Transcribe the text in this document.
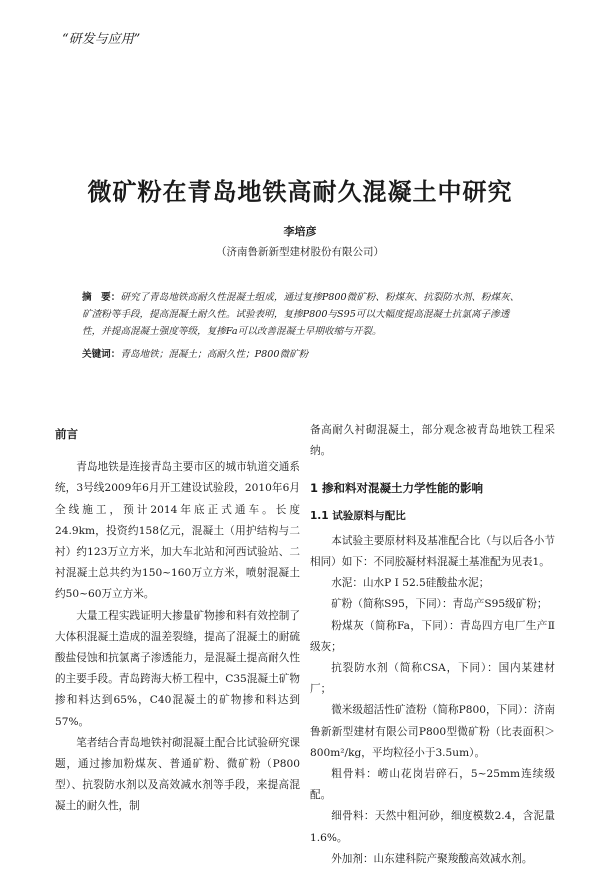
“研发与应用”
微矿粉在青岛地铁高耐久混凝土中研究
李培彦
（济南鲁新新型建材股份有限公司）
摘　要：研究了青岛地铁高耐久性混凝土组成，通过复掺P800微矿粉、粉煤灰、抗裂防水剂、粉煤灰、矿渣粉等手段，提高混凝土耐久性。试验表明，复掺P800与S95可以大幅度提高混凝土抗氯离子渗透性，并提高混凝土强度等级，复掺Fa可以改善混凝土早期收缩与开裂。
关键词：青岛地铁；混凝土；高耐久性；P800微矿粉
前言

青岛地铁是连接青岛主要市区的城市轨道交通系统，3号线2009年6月开工建设试验段，2010年6月全线施工，预计2014年底正式通车。长度24.9km，投资约158亿元，混凝土（用护结构与二衬）约123万立方米，加大车北站和河西试验站、二衬混凝土总共约为150~160万立方米，喷射混凝土约50~60万立方米。

大量工程实践证明大掺量矿物掺和料有效控制了大体积混凝土造成的温差裂缝，提高了混凝土的耐硫酸盐侵蚀和抗氯离子渗透能力，是混凝土提高耐久性的主要手段。青岛跨海大桥工程中，C35混凝土矿物掺和料达到65%，C40混凝土的矿物掺和料达到57%。

笔者结合青岛地铁衬砌混凝土配合比试验研究课题，通过掺加粉煤灰、普通矿粉、微矿粉（P800型）、抗裂防水剂以及高效减水剂等手段，来提高混凝土的耐久性，制

备高耐久衬砌混凝土，部分观念被青岛地铁工程采纳。

1 掺和料对混凝土力学性能的影响
1.1 试验原料与配比

本试验主要原材料及基准配合比（与以后各小节相同）如下：不同胶凝材料混凝土基准配为见表1。

水泥：山水P I 52.5硅酸盐水泥；

矿粉（简称S95，下同）：青岛产S95级矿粉；

粉煤灰（简称Fa，下同）：青岛四方电厂生产Ⅱ级灰；

抗裂防水剂（简称CSA，下同）：国内某建材厂；

微米级超活性矿渣粉（简称P800，下同）：济南鲁新新型建材有限公司P800型微矿粉（比表面积＞800m²/kg，平均粒径小于3.5um）。

粗骨料：崂山花岗岩碎石，5~25mm连续级配。

细骨料：天然中粗河砂，细度模数2.4，含泥量1.6%。

外加剂：山东建科院产聚羧酸高效减水剂。
